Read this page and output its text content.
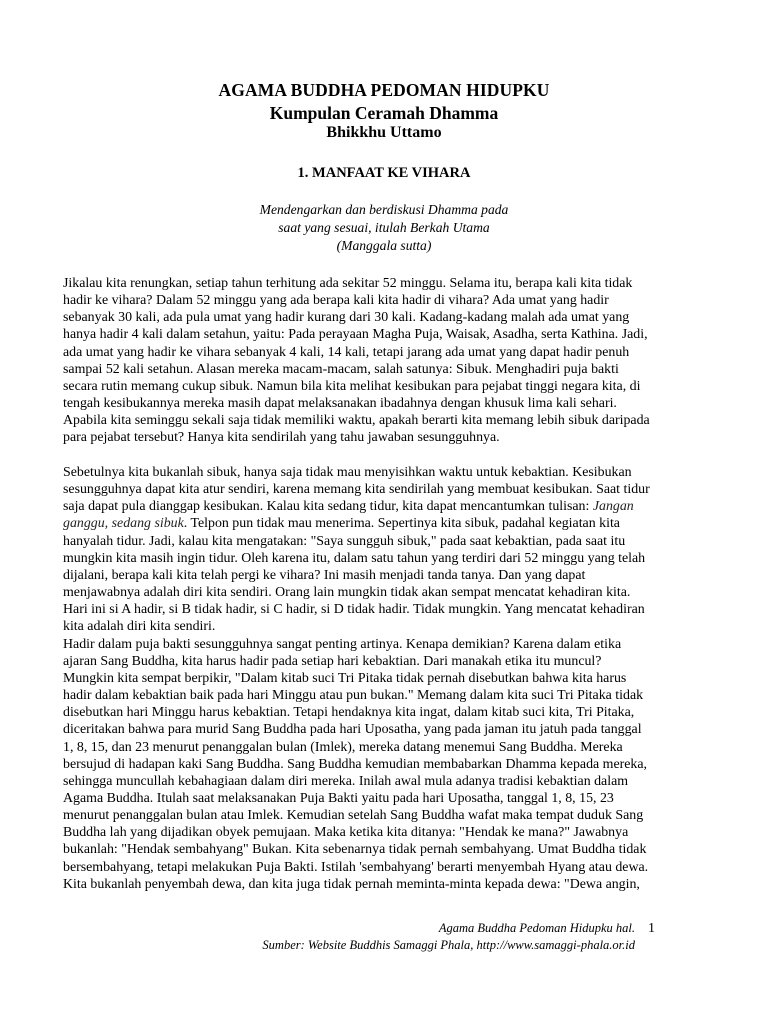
AGAMA BUDDHA PEDOMAN HIDUPKU
Kumpulan Ceramah Dhamma
Bhikkhu Uttamo
1. MANFAAT KE VIHARA
Mendengarkan dan berdiskusi Dhamma pada
saat yang sesuai, itulah Berkah Utama
(Manggala sutta)
Jikalau kita renungkan, setiap tahun terhitung ada sekitar 52 minggu. Selama itu, berapa kali kita tidak
hadir ke vihara? Dalam 52 minggu yang ada berapa kali kita hadir di vihara? Ada umat yang hadir
sebanyak 30 kali, ada pula umat yang hadir kurang dari 30 kali. Kadang-kadang malah ada umat yang
hanya hadir 4 kali dalam setahun, yaitu: Pada perayaan Magha Puja, Waisak, Asadha, serta Kathina. Jadi,
ada umat yang hadir ke vihara sebanyak 4 kali, 14 kali, tetapi jarang ada umat yang dapat hadir penuh
sampai 52 kali setahun. Alasan mereka macam-macam, salah satunya: Sibuk. Menghadiri puja bakti
secara rutin memang cukup sibuk. Namun bila kita melihat kesibukan para pejabat tinggi negara kita, di
tengah kesibukannya mereka masih dapat melaksanakan ibadahnya dengan khusuk lima kali sehari.
Apabila kita seminggu sekali saja tidak memiliki waktu, apakah berarti kita memang lebih sibuk daripada
para pejabat tersebut? Hanya kita sendirilah yang tahu jawaban sesungguhnya.
Sebetulnya kita bukanlah sibuk, hanya saja tidak mau menyisihkan waktu untuk kebaktian. Kesibukan
sesungguhnya dapat kita atur sendiri, karena memang kita sendirilah yang membuat kesibukan. Saat tidur
saja dapat pula dianggap kesibukan. Kalau kita sedang tidur, kita dapat mencantumkan tulisan: Jangan
ganggu, sedang sibuk. Telpon pun tidak mau menerima. Sepertinya kita sibuk, padahal kegiatan kita
hanyalah tidur. Jadi, kalau kita mengatakan: "Saya sungguh sibuk," pada saat kebaktian, pada saat itu
mungkin kita masih ingin tidur. Oleh karena itu, dalam satu tahun yang terdiri dari 52 minggu yang telah
dijalani, berapa kali kita telah pergi ke vihara? Ini masih menjadi tanda tanya. Dan yang dapat
menjawabnya adalah diri kita sendiri. Orang lain mungkin tidak akan sempat mencatat kehadiran kita.
Hari ini si A hadir, si B tidak hadir, si C hadir, si D tidak hadir. Tidak mungkin. Yang mencatat kehadiran
kita adalah diri kita sendiri.
Hadir dalam puja bakti sesungguhnya sangat penting artinya. Kenapa demikian? Karena dalam etika
ajaran Sang Buddha, kita harus hadir pada setiap hari kebaktian. Dari manakah etika itu muncul?
Mungkin kita sempat berpikir, "Dalam kitab suci Tri Pitaka tidak pernah disebutkan bahwa kita harus
hadir dalam kebaktian baik pada hari Minggu atau pun bukan." Memang dalam kita suci Tri Pitaka tidak
disebutkan hari Minggu harus kebaktian. Tetapi hendaknya kita ingat, dalam kitab suci kita, Tri Pitaka,
diceritakan bahwa para murid Sang Buddha pada hari Uposatha, yang pada jaman itu jatuh pada tanggal
1, 8, 15, dan 23 menurut penanggalan bulan (Imlek), mereka datang menemui Sang Buddha. Mereka
bersujud di hadapan kaki Sang Buddha. Sang Buddha kemudian membabarkan Dhamma kepada mereka,
sehingga muncullah kebahagiaan dalam diri mereka. Inilah awal mula adanya tradisi kebaktian dalam
Agama Buddha. Itulah saat melaksanakan Puja Bakti yaitu pada hari Uposatha, tanggal 1, 8, 15, 23
menurut penanggalan bulan atau Imlek. Kemudian setelah Sang Buddha wafat maka tempat duduk Sang
Buddha lah yang dijadikan obyek pemujaan. Maka ketika kita ditanya: "Hendak ke mana?" Jawabnya
bukanlah: "Hendak sembahyang" Bukan. Kita sebenarnya tidak pernah sembahyang. Umat Buddha tidak
bersembahyang, tetapi melakukan Puja Bakti. Istilah 'sembahyang' berarti menyembah Hyang atau dewa.
Kita bukanlah penyembah dewa, dan kita juga tidak pernah meminta-minta kepada dewa: "Dewa angin,
Agama Buddha Pedoman Hidupku hal.
Sumber: Website Buddhis Samaggi Phala, http://www.samaggi-phala.or.id
1
